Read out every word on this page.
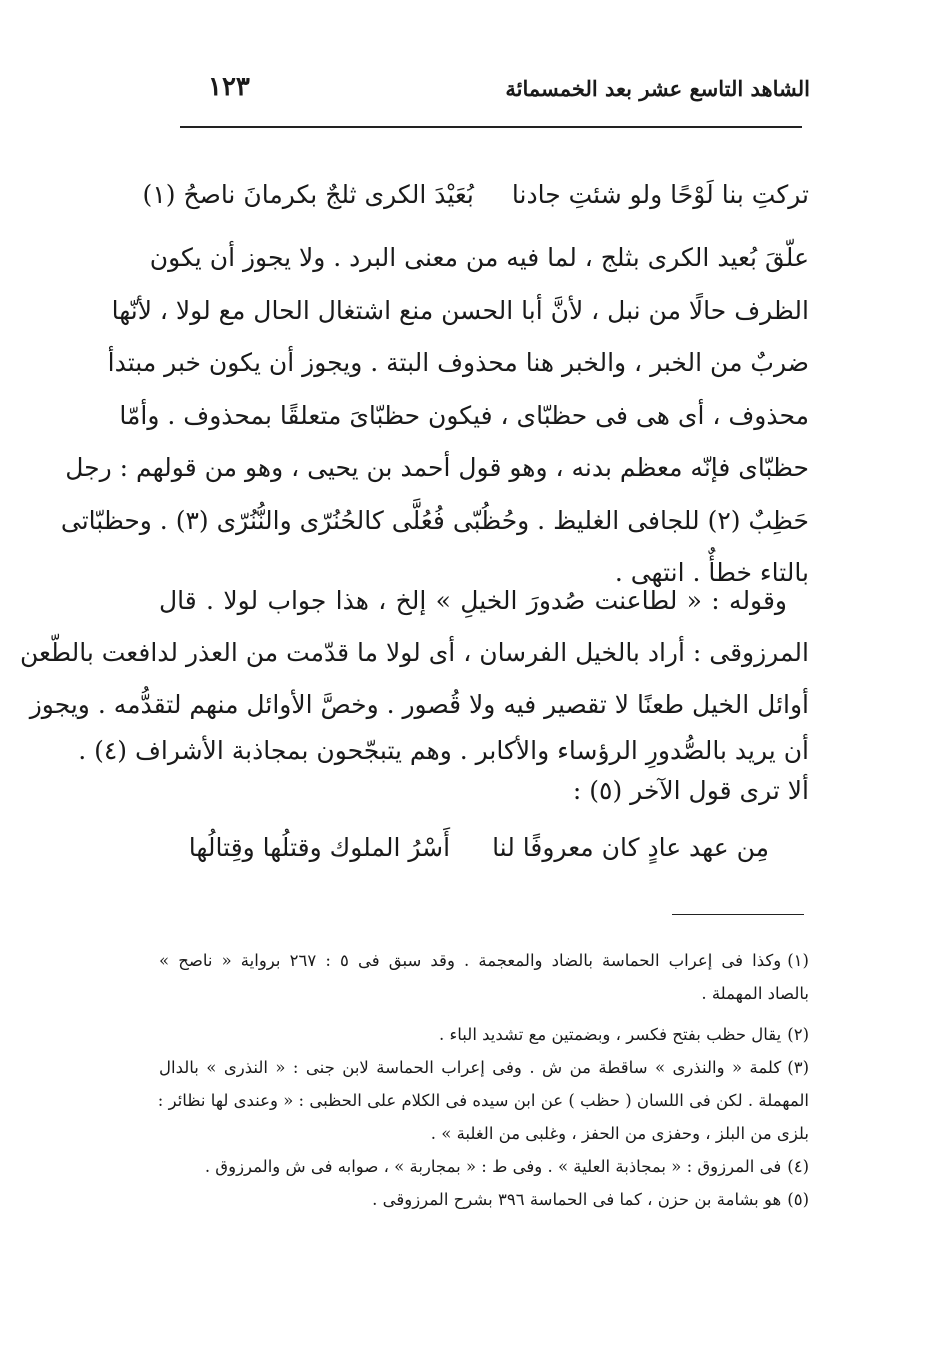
الشاهد التاسع عشر بعد الخمسمائة
١٢٣
تركتِ بنا لَوْحًا ولو شئتِ جادنابُعَيْدَ الكرى ثلجٌ بكرمانَ ناصحُ (١)
علّقَ بُعيد الكرى بثلج ، لما فيه من معنى البرد . ولا يجوز أن يكون
الظرف حالًا من نبل ، لأنَّ أبا الحسن منع اشتغال الحال مع لولا ، لأنّها
ضربٌ من الخبر ، والخبر هنا محذوف البتة . ويجوز أن يكون خبر مبتدأ
محذوف ، أى هى فى حظبّاى ، فيكون حظبّاىَ متعلقًا بمحذوف . وأمّا
حظبّاى فإنّه معظم بدنه ، وهو قول أحمد بن يحيى ، وهو من قولهم : رجل
حَظِبٌ (٢) للجافى الغليظ . وحُظُبّى فُعُلَّى كالحُنُرّى والنُّنُرّى (٣) . وحظبّاتى
بالتاء خطأٌ . انتهى .
وقوله : « لطاعنت صُدورَ الخيلِ » إلخ ، هذا جواب لولا . قال
المرزوقى : أراد بالخيل الفرسان ، أى لولا ما قدّمت من العذر لدافعت بالطّعن
أوائل الخيل طعنًا لا تقصير فيه ولا قُصور . وخصَّ الأوائل منهم لتقدُّمه . ويجوز
أن يريد بالصُّدورِ الرؤساء والأكابر . وهم يتبجّحون بمجاذبة الأشراف (٤) .
ألا ترى قول الآخر (٥) :
مِن عهد عادٍ كان معروفًا لناأَسْرُ الملوك وقتلُها وقِتالُها
(١)وكذا فى إعراب الحماسة بالضاد والمعجمة . وقد سبق فى ٥ : ٢٦٧ برواية « ناصح »
بالصاد المهملة .
(٢)يقال حظب بفتح فكسر ، وبضمتين مع تشديد الباء .
(٣)كلمة « والنذرى » ساقطة من ش . وفى إعراب الحماسة لابن جنى : « النذرى » بالدال
المهملة . لكن فى اللسان ( حظب ) عن ابن سيده فى الكلام على الحظبى : « وعندى لها نظائر :
بلزى من البلز ، وحفزى من الحفز ، وغلبى من الغلبة » .
(٤)فى المرزوق : « بمجاذبة العلية » . وفى ط : « بمجاربة » ، صوابه فى ش والمرزوق .
(٥)هو بشامة بن حزن ، كما فى الحماسة ٣٩٦ بشرح المرزوقى .
